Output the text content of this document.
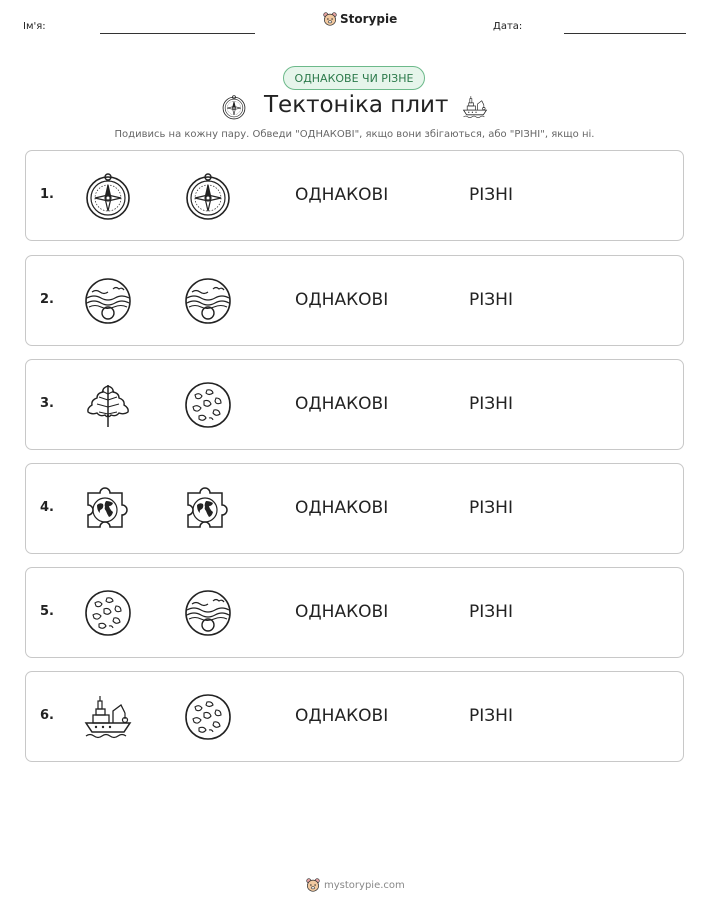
Ім'я:
Storypie
Дата:
ОДНАКОВЕ ЧИ РІЗНЕ
Тектоніка плит
Подивись на кожну пару. Обведи "ОДНАКОВІ", якщо вони збігаються, або "РІЗНІ", якщо ні.
1.	ОДНАКОВІ	РІЗНІ
2.	ОДНАКОВІ	РІЗНІ
3.	ОДНАКОВІ	РІЗНІ
4.	ОДНАКОВІ	РІЗНІ
5.	ОДНАКОВІ	РІЗНІ
6.	ОДНАКОВІ	РІЗНІ
mystorypie.com
